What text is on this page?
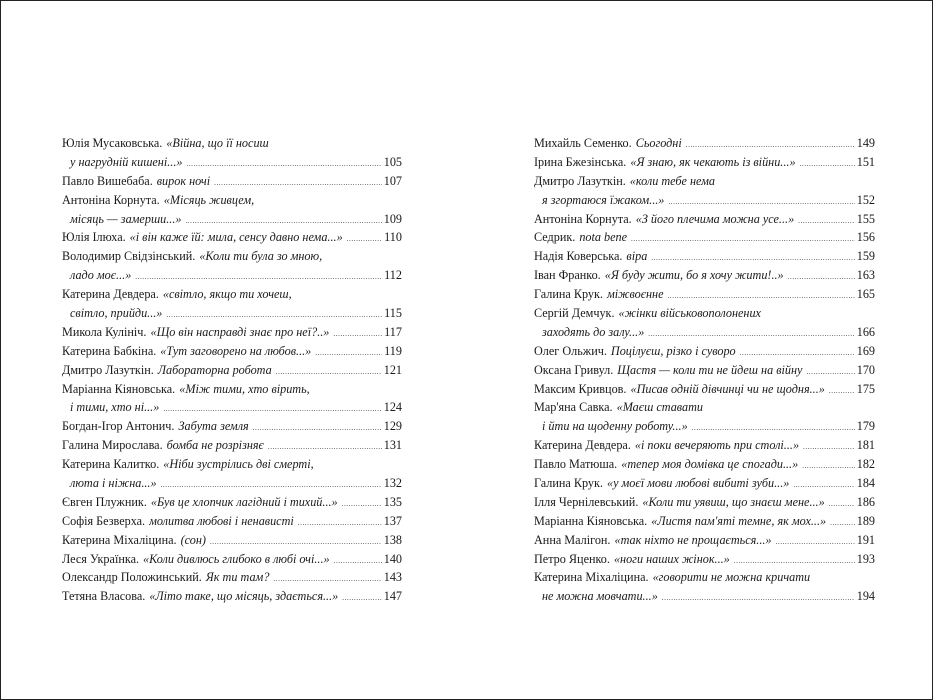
Юлія Мусаковська. «Війна, що її носиш
у нагрудній кишені...» .....	105
Павло Вишебаба. вирок ночі .....	107
Антоніна Корнута. «Місяць живцем,
місяць — замерши...» .....	109
Юлія Ілюха. «і він каже їй: мила, сенсу давно нема...» .....	110
Володимир Свідзінський. «Коли ти була зо мною,
ладо моє...» .....	112
Катерина Девдера. «світло, якщо ти хочеш,
світло, прийди...» .....	115
Микола Кулініч. «Що він насправді знає про неї?..» .....	117
Катерина Бабкіна. «Тут заговорено на любов...» .....	119
Дмитро Лазуткін. Лабораторна робота .....	121
Маріанна Кіяновська. «Між тими, хто вірить,
і тими, хто ні...» .....	124
Богдан-Ігор Антонич. Забута земля .....	129
Галина Мирослава. бомба не розрізняє .....	131
Катерина Калитко. «Ніби зустрілись дві смерті,
люта і ніжна...» .....	132
Євген Плужник. «Був це хлопчик лагідний і тихий...» .....	135
Софія Безверха. молитва любові і ненависті .....	137
Катерина Міхаліцина. (сон) .....	138
Леся Українка. «Коли дивлюсь глибоко в любі очі...» .....	140
Олександр Положинський. Як ти там? .....	143
Тетяна Власова. «Літо таке, що місяць, здається...» .....	147
Михайль Семенко. Сьогодні .....	149
Ірина Бжезінська. «Я знаю, як чекають із війни...» .....	151
Дмитро Лазуткін. «коли тебе нема
я згортаюся їжаком...» .....	152
Антоніна Корнута. «З його плечима можна усе...» .....	155
Седрик. nota bene .....	156
Надія Коверська. віра .....	159
Іван Франко. «Я буду жити, бо я хочу жити!..» .....	163
Галина Крук. міжвоєнне .....	165
Сергій Демчук. «жінки військовополонених
заходять до залу...» .....	166
Олег Ольжич. Поцілуєш, різко і суворо .....	169
Оксана Гривул. Щастя — коли ти не йдеш на війну .....	170
Максим Кривцов. «Писав одній дівчинці чи не щодня...» .....	175
Мар'яна Савка. «Маєш ставати
і йти на щоденну роботу...» .....	179
Катерина Девдера. «і поки вечеряють при столі...» .....	181
Павло Матюша. «тепер моя домівка це спогади...» .....	182
Галина Крук. «у моєї мови любові вибиті зуби...» .....	184
Ілля Чернілевський. «Коли ти уявиш, що знаєш мене...» .....	186
Маріанна Кіяновська. «Листя пам'яті темне, як мох...» .....	189
Анна Малігон. «так ніхто не прощається...» .....	191
Петро Яценко. «ноги наших жінок...» .....	193
Катерина Міхаліцина. «говорити не можна кричати
не можна мовчати...» .....	194
